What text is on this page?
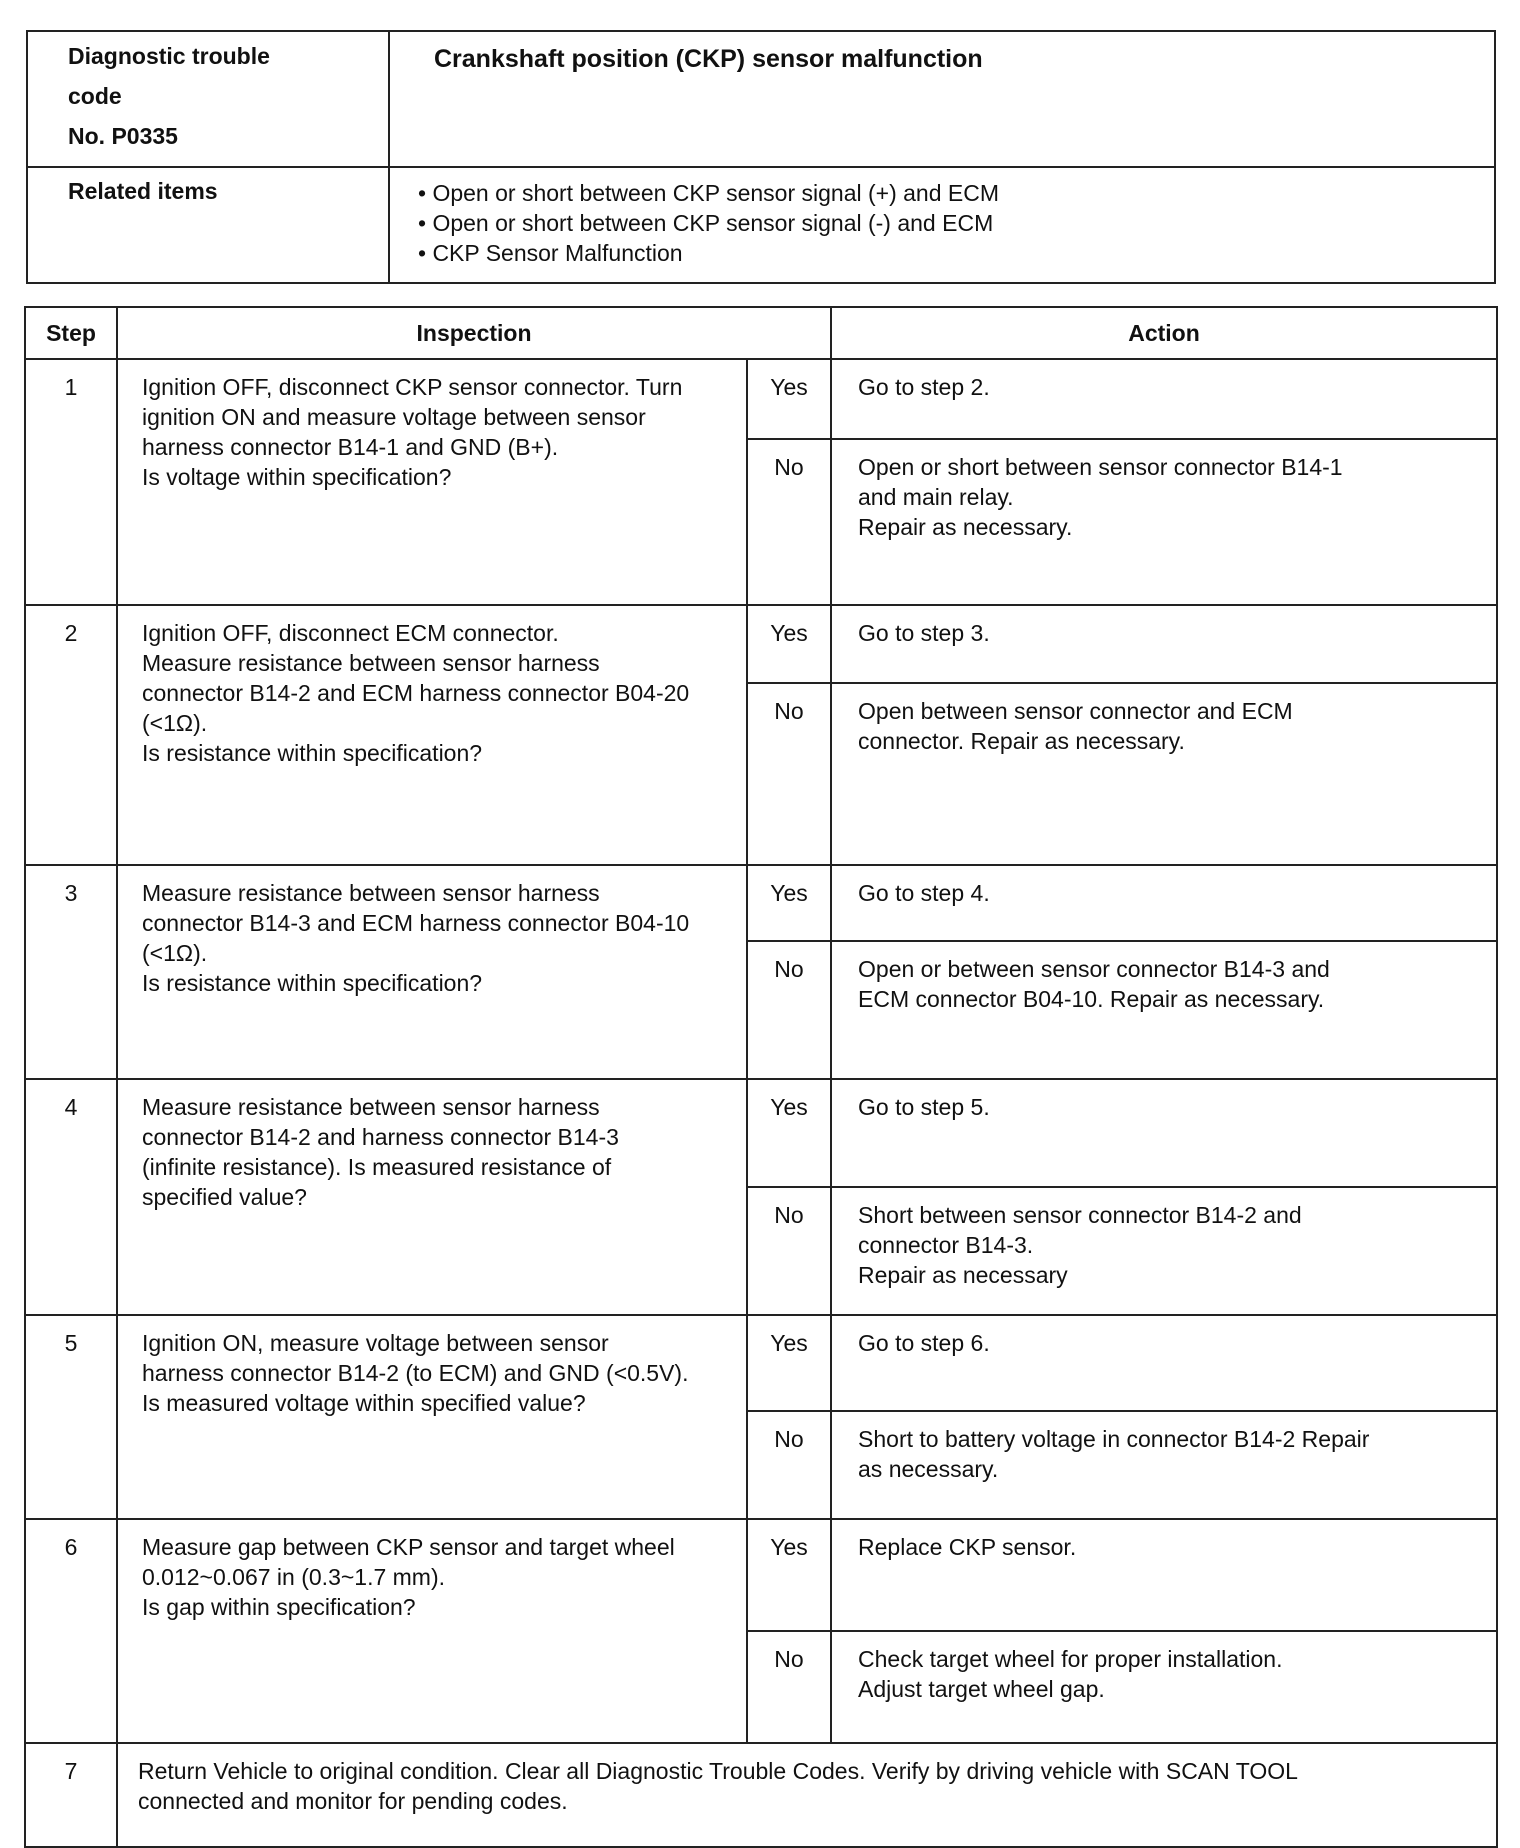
Diagnostic trouble
code
No. P0335	Crankshaft position (CKP) sensor malfunction
Related items	• Open or short between CKP sensor signal (+) and ECM
• Open or short between CKP sensor signal (-) and ECM
• CKP Sensor Malfunction
Step	Inspection		Action
1	Ignition OFF, disconnect CKP sensor connector. Turn
ignition ON and measure voltage between sensor
harness connector B14-1 and GND (B+).
Is voltage within specification?	Yes	Go to step 2.

		No	Open or short between sensor connector B14-1
and main relay.
Repair as necessary.

2	Ignition OFF, disconnect ECM connector.
Measure resistance between sensor harness
connector B14-2 and ECM harness connector B04-20
(<1Ω).
Is resistance within specification?	Yes	Go to step 3.

		No	Open between sensor connector and ECM
connector. Repair as necessary.

3	Measure resistance between sensor harness
connector B14-3 and ECM harness connector B04-10
(<1Ω).
Is resistance within specification?	Yes	Go to step 4.

		No	Open or between sensor connector B14-3 and
ECM connector B04-10. Repair as necessary.

4	Measure resistance between sensor harness
connector B14-2 and harness connector B14-3
(infinite resistance). Is measured resistance of
specified value?	Yes	Go to step 5.

		No	Short between sensor connector B14-2 and
connector B14-3.
Repair as necessary

5	Ignition ON, measure voltage between sensor
harness connector B14-2 (to ECM) and GND (<0.5V).
Is measured voltage within specified value?	Yes	Go to step 6.

		No	Short to battery voltage in connector B14-2 Repair
as necessary.

6	Measure gap between CKP sensor and target wheel
0.012~0.067 in (0.3~1.7 mm).
Is gap within specification?	Yes	Replace CKP sensor.

		No	Check target wheel for proper installation.
Adjust target wheel gap.

7	Return Vehicle to original condition. Clear all Diagnostic Trouble Codes. Verify by driving vehicle with SCAN TOOL
connected and monitor for pending codes.		
